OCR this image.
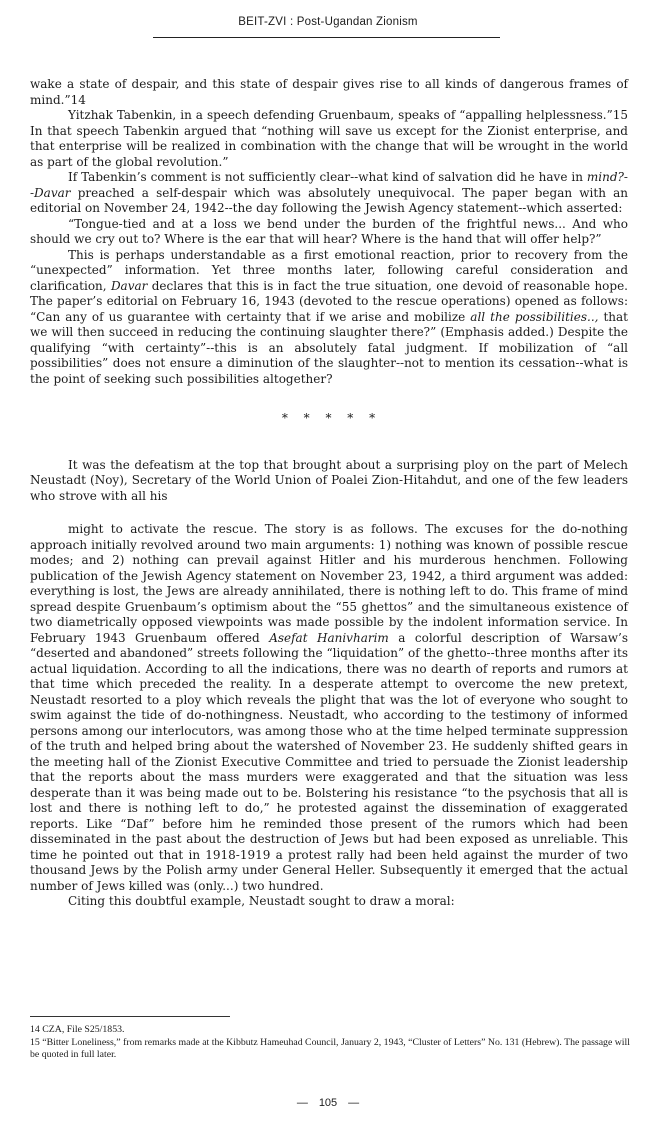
BEIT-ZVI : Post-Ugandan Zionism

wake a state of despair, and this state of despair gives rise to all kinds of dangerous frames of mind.”14

Yitzhak Tabenkin, in a speech defending Gruenbaum, speaks of “appalling helplessness.”15 In that speech Tabenkin argued that “nothing will save us except for the Zionist enterprise, and that enterprise will be realized in combination with the change that will be wrought in the world as part of the global revolution.”

If Tabenkin’s comment is not sufficiently clear--what kind of salvation did he have in mind?--Davar preached a self-despair which was absolutely unequivocal. The paper began with an editorial on November 24, 1942--the day following the Jewish Agency statement--which asserted:

“Tongue-tied and at a loss we bend under the burden of the frightful news... And who should we cry out to? Where is the ear that will hear? Where is the hand that will offer help?”

This is perhaps understandable as a first emotional reaction, prior to recovery from the “unexpected” information. Yet three months later, following careful consideration and clarification, Davar declares that this is in fact the true situation, one devoid of reasonable hope. The paper’s editorial on February 16, 1943 (devoted to the rescue operations) opened as follows: “Can any of us guarantee with certainty that if we arise and mobilize all the possibilities.., that we will then succeed in reducing the continuing slaughter there?” (Emphasis added.) Despite the qualifying “with certainty”--this is an absolutely fatal judgment. If mobilization of “all possibilities” does not ensure a diminution of the slaughter--not to mention its cessation--what is the point of seeking such possibilities altogether?

* * * * *

It was the defeatism at the top that brought about a surprising ploy on the part of Melech Neustadt (Noy), Secretary of the World Union of Poalei Zion-Hitahdut, and one of the few leaders who strove with all his

might to activate the rescue. The story is as follows. The excuses for the do-nothing approach initially revolved around two main arguments: 1) nothing was known of possible rescue modes; and 2) nothing can prevail against Hitler and his murderous henchmen. Following publication of the Jewish Agency statement on November 23, 1942, a third argument was added: everything is lost, the Jews are already annihilated, there is nothing left to do. This frame of mind spread despite Gruenbaum’s optimism about the “55 ghettos” and the simultaneous existence of two diametrically opposed viewpoints was made possible by the indolent information service. In February 1943 Gruenbaum offered Asefat Hanivharim a colorful description of Warsaw’s “deserted and abandoned” streets following the “liquidation” of the ghetto--three months after its actual liquidation. According to all the indications, there was no dearth of reports and rumors at that time which preceded the reality. In a desperate attempt to overcome the new pretext, Neustadt resorted to a ploy which reveals the plight that was the lot of everyone who sought to swim against the tide of do-nothingness. Neustadt, who according to the testimony of informed persons among our interlocutors, was among those who at the time helped terminate suppression of the truth and helped bring about the watershed of November 23. He suddenly shifted gears in the meeting hall of the Zionist Executive Committee and tried to persuade the Zionist leadership that the reports about the mass murders were exaggerated and that the situation was less desperate than it was being made out to be. Bolstering his resistance “to the psychosis that all is lost and there is nothing left to do,” he protested against the dissemination of exaggerated reports. Like “Daf” before him he reminded those present of the rumors which had been disseminated in the past about the destruction of Jews but had been exposed as unreliable. This time he pointed out that in 1918-1919 a protest rally had been held against the murder of two thousand Jews by the Polish army under General Heller. Subsequently it emerged that the actual number of Jews killed was (only...) two hundred.

Citing this doubtful example, Neustadt sought to draw a moral:

14 CZA, File S25/1853.

15 “Bitter Loneliness,” from remarks made at the Kibbutz Hameuhad Council, January 2, 1943, “Cluster of Letters” No. 131 (Hebrew). The passage will be quoted in full later.

— 105 —
